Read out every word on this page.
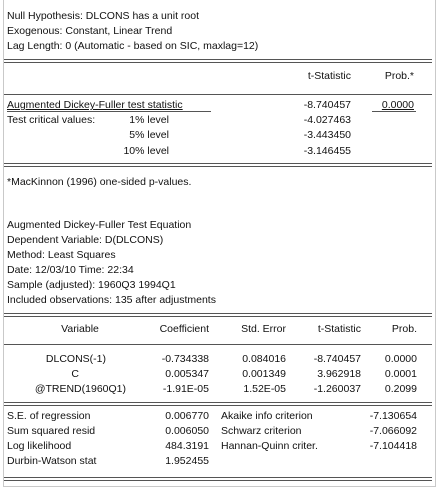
Null Hypothesis: DLCONS has a unit root
Exogenous: Constant, Linear Trend
Lag Length: 0 (Automatic - based on SIC, maxlag=12)
t-Statistic	Prob.*
Augmented Dickey-Fuller test statistic	-8.740457	0.0000
Test critical values:	1% level	-4.027463
5% level	-3.443450
10% level	-3.146455
*MacKinnon (1996) one-sided p-values.
Augmented Dickey-Fuller Test Equation
Dependent Variable: D(DLCONS)
Method: Least Squares
Date: 12/03/10 Time: 22:34
Sample (adjusted): 1960Q3 1994Q1
Included observations: 135 after adjustments
Variable	Coefficient	Std. Error	t-Statistic	Prob.
DLCONS(-1)	-0.734338	0.084016	-8.740457	0.0000
C	0.005347	0.001349	3.962918	0.0001
@TREND(1960Q1)	-1.91E-05	1.52E-05	-1.260037	0.2099
S.E. of regression	0.006770 Akaike info criterion	-7.130654
Sum squared resid	0.006050 Schwarz criterion	-7.066092
Log likelihood	484.3191 Hannan-Quinn criter.	-7.104418
Durbin-Watson stat	1.952455
